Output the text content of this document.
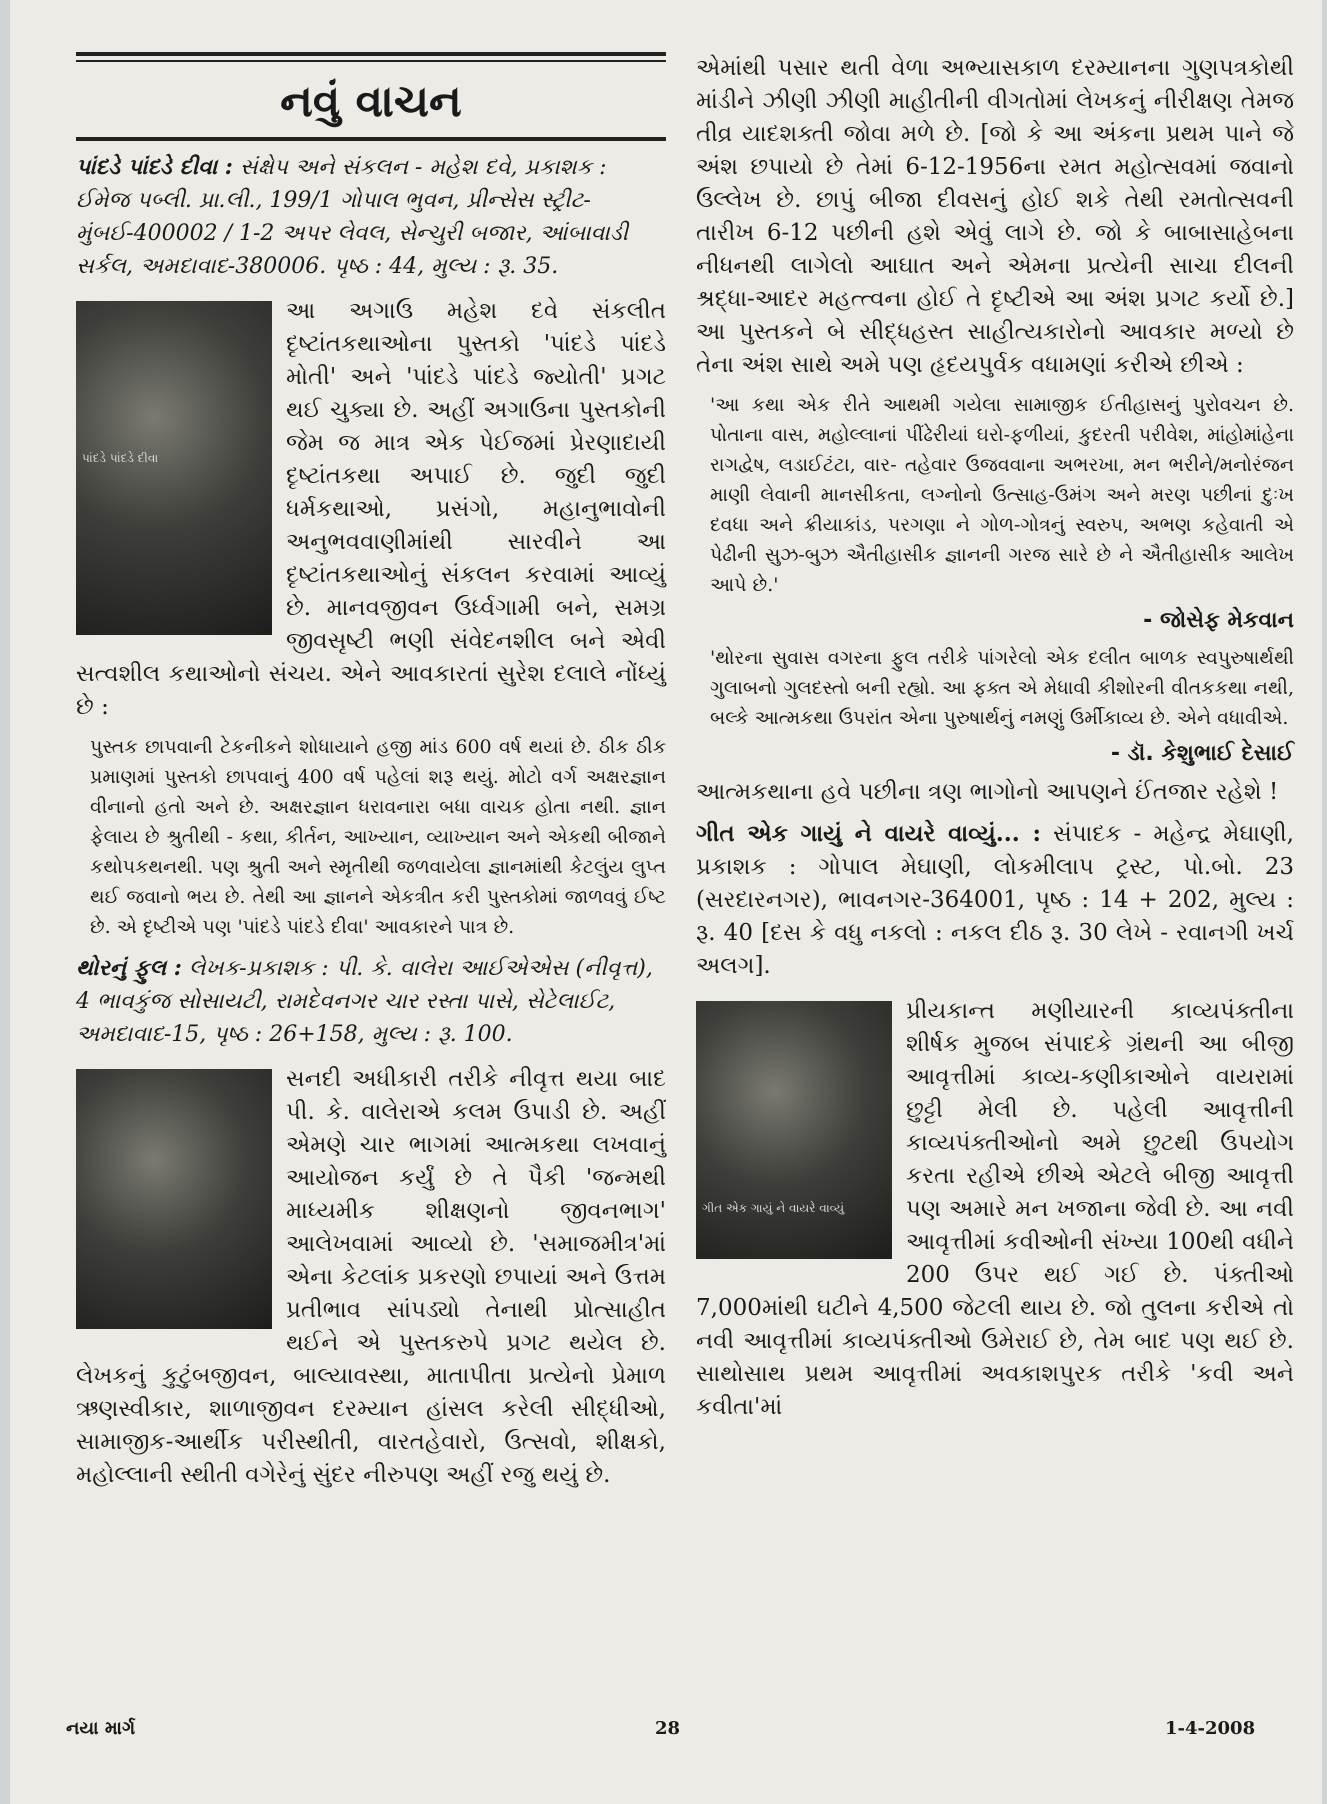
નવું વાચન
પાંદડે પાંદડે દીવા : સંક્ષેપ અને સંકલન - મહેશ દવે, પ્રકાશક : ઈમેજ પબ્લી. પ્રા.લી., 199/1 ગોપાલ ભુવન, પ્રીન્સેસ સ્ટ્રીટ-મુંબઈ-400002 / 1-2 અપર લેવલ, સેન્ચુરી બજાર, આંબાવાડી સર્કલ, અમદાવાદ-380006. પૃષ્ઠ : 44, મુલ્ય : રૂ. 35.
પાંદડે પાંદડે દીવા
આ અગાઉ મહેશ દવે સંકલીત દૃષ્ટાંતકથાઓના પુસ્તકો 'પાંદડે પાંદડે મોતી' અને 'પાંદડે પાંદડે જ્યોતી' પ્રગટ થઈ ચુક્યા છે. અહીં અગાઉના પુસ્તકોની જેમ જ માત્ર એક પેઈજમાં પ્રેરણાદાયી દૃષ્ટાંતકથા અપાઈ છે. જુદી જુદી ધર્મકથાઓ, પ્રસંગો, મહાનુભાવોની અનુભવવાણીમાંથી સારવીને આ દૃષ્ટાંતકથાઓનું સંકલન કરવામાં આવ્યું છે. માનવજીવન ઉર્ધ્વગામી બને, સમગ્ર જીવસૃષ્ટી ભણી સંવેદનશીલ બને એવી સત્વશીલ કથાઓનો સંચય. એને આવકારતાં સુરેશ દલાલે નોંધ્યું છે :
પુસ્તક છાપવાની ટેકનીકને શોધાયાને હજી માંડ 600 વર્ષ થયાં છે. ઠીક ઠીક પ્રમાણમાં પુસ્તકો છાપવાનું 400 વર્ષ પહેલાં શરૂ થયું. મોટો વર્ગ અક્ષરજ્ઞાન વીનાનો હતો અને છે. અક્ષરજ્ઞાન ધરાવનારા બધા વાચક હોતા નથી. જ્ઞાન ફેલાય છે શ્રુતીથી - કથા, કીર્તન, આખ્યાન, વ્યાખ્યાન અને એકથી બીજાને કથોપકથનથી. પણ શ્રુતી અને સ્મૃતીથી જળવાયેલા જ્ઞાનમાંથી કેટલુંય લુપ્ત થઈ જવાનો ભય છે. તેથી આ જ્ઞાનને એકત્રીત કરી પુસ્તકોમાં જાળવવું ઈષ્ટ છે. એ દૃષ્ટીએ પણ 'પાંદડે પાંદડે દીવા' આવકારને પાત્ર છે.
થોરનું ફુલ : લેખક-પ્રકાશક : પી. કે. વાલેરા આઈએએસ (નીવૃત્ત), 4 ભાવકુંજ સોસાયટી, રામદેવનગર ચાર રસ્તા પાસે, સેટેલાઈટ, અમદાવાદ-15, પૃષ્ઠ : 26+158, મુલ્ય : રૂ. 100.
સનદી અધીકારી તરીકે નીવૃત્ત થયા બાદ પી. કે. વાલેરાએ કલમ ઉપાડી છે. અહીં એમણે ચાર ભાગમાં આત્મકથા લખવાનું આયોજન કર્યું છે તે પૈકી 'જન્મથી માધ્યમીક શીક્ષણનો જીવનભાગ' આલેખવામાં આવ્યો છે. 'સમાજમીત્ર'માં એના કેટલાંક પ્રકરણો છપાયાં અને ઉત્તમ પ્રતીભાવ સાંપડ્યો તેનાથી પ્રોત્સાહીત થઈને એ પુસ્તકરુપે પ્રગટ થયેલ છે. લેખકનું કુટુંબજીવન, બાલ્યાવસ્થા, માતાપીતા પ્રત્યેનો પ્રેમાળ ઋણસ્વીકાર, શાળાજીવન દરમ્યાન હાંસલ કરેલી સીદ્ધીઓ, સામાજીક-આર્થીક પરીસ્થીતી, વારતહેવારો, ઉત્સવો, શીક્ષકો, મહોલ્લાની સ્થીતી વગેરેનું સુંદર નીરુપણ અહીં રજુ થયું છે.
એમાંથી પસાર થતી વેળા અભ્યાસકાળ દરમ્યાનના ગુણપત્રકોથી માંડીને ઝીણી ઝીણી માહીતીની વીગતોમાં લેખકનું નીરીક્ષણ તેમજ તીવ્ર યાદશક્તી જોવા મળે છે. [જો કે આ અંકના પ્રથમ પાને જે અંશ છપાયો છે તેમાં 6-12-1956ના રમત મહોત્સવમાં જવાનો ઉલ્લેખ છે. છાપું બીજા દીવસનું હોઈ શકે તેથી રમતોત્સવની તારીખ 6-12 પછીની હશે એવું લાગે છે. જો કે બાબાસાહેબના નીધનથી લાગેલો આઘાત અને એમના પ્રત્યેની સાચા દીલની શ્રદ્ધા-આદર મહત્ત્વના હોઈ તે દૃષ્ટીએ આ અંશ પ્રગટ કર્યો છે.] આ પુસ્તકને બે સીદ્ધહસ્ત સાહીત્યકારોનો આવકાર મળ્યો છે તેના અંશ સાથે અમે પણ હૃદયપુર્વક વધામણાં કરીએ છીએ :
'આ કથા એક રીતે આથમી ગયેલા સામાજીક ઈતીહાસનું પુરોવચન છે. પોતાના વાસ, મહોલ્લાનાં પીંઢેરીયાં ઘરો-ફળીયાં, કુદરતી પરીવેશ, માંહોમાંહેના રાગદ્વેષ, લડાઈટંટા, વાર- તહેવાર ઉજવવાના અભરખા, મન ભરીને/મનોરંજન માણી લેવાની માનસીકતા, લગ્નોનો ઉત્સાહ-ઉમંગ અને મરણ પછીનાં દુઃખ દવધા અને ક્રીયાકાંડ, પરગણા ને ગોળ-ગોત્રનું સ્વરુપ, અભણ કહેવાતી એ પેઢીની સુઝ-બુઝ ઐતીહાસીક જ્ઞાનની ગરજ સારે છે ને ઐતીહાસીક આલેખ આપે છે.'
- જોસેફ મેકવાન
'થોરના સુવાસ વગરના ફુલ તરીકે પાંગરેલો એક દલીત બાળક સ્વપુરુષાર્થથી ગુલાબનો ગુલદસ્તો બની રહ્યો. આ ફક્ત એ મેધાવી કીશોરની વીતકકથા નથી, બલ્કે આત્મકથા ઉપરાંત એના પુરુષાર્થનું નમણું ઉર્મીકાવ્ય છે. એને વધાવીએ.
- ડૉ. કેશુભાઈ દેસાઈ
આત્મકથાના હવે પછીના ત્રણ ભાગોનો આપણને ઈંતજાર રહેશે !
ગીત એક ગાયું ને વાયરે વાવ્યું... : સંપાદક - મહેન્દ્ર મેઘાણી, પ્રકાશક : ગોપાલ મેઘાણી, લોકમીલાપ ટ્રસ્ટ, પો.બો. 23 (સરદારનગર), ભાવનગર-364001, પૃષ્ઠ : 14 + 202, મુલ્ય : રૂ. 40 [દસ કે વધુ નકલો : નકલ દીઠ રૂ. 30 લેખે - રવાનગી ખર્ચ અલગ].
ગીત એક ગાયું ને વાયરે વાવ્યું
પ્રીયકાન્ત મણીયારની કાવ્યપંક્તીના શીર્ષક મુજબ સંપાદકે ગ્રંથની આ બીજી આવૃત્તીમાં કાવ્ય-કણીકાઓને વાયરામાં છુટ્ટી મેલી છે. પહેલી આવૃત્તીની કાવ્યપંક્તીઓનો અમે છુટથી ઉપયોગ કરતા રહીએ છીએ એટલે બીજી આવૃત્તી પણ અમારે મન ખજાના જેવી છે. આ નવી આવૃત્તીમાં કવીઓની સંખ્યા 100થી વધીને 200 ઉપર થઈ ગઈ છે. પંક્તીઓ 7,000માંથી ઘટીને 4,500 જેટલી થાય છે. જો તુલના કરીએ તો નવી આવૃત્તીમાં કાવ્યપંક્તીઓ ઉમેરાઈ છે, તેમ બાદ પણ થઈ છે. સાથોસાથ પ્રથમ આવૃત્તીમાં અવકાશપુરક તરીકે 'કવી અને કવીતા'માં
નયા માર્ગ	28	1-4-2008
